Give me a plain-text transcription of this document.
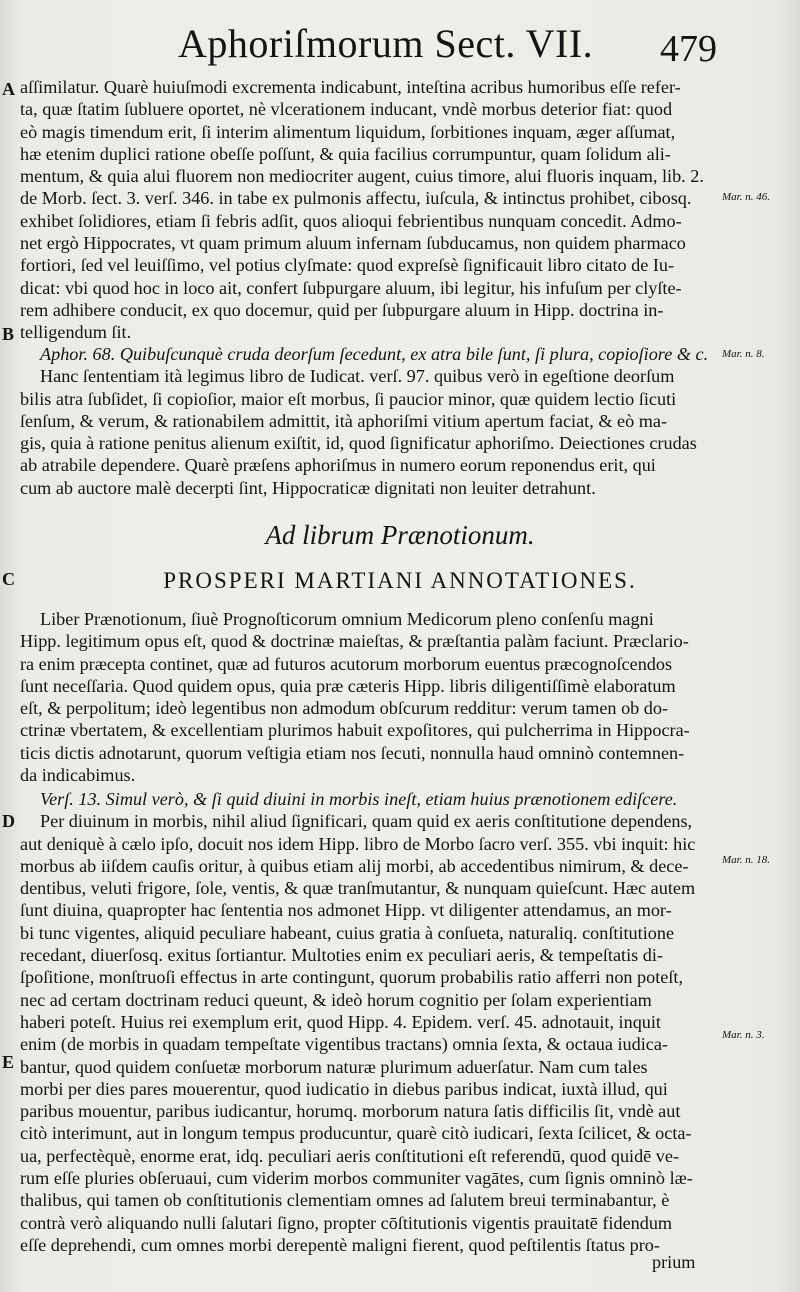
Aphoriſmorum Sect. VII. 479
aſſimilatur. Quarè huiuſmodi excrementa indicabunt, inteſtina acribus humoribus eſſe refer-
ta, quæ ſtatim ſubluere oportet, nè vlcerationem inducant, vndè morbus deterior fiat: quod
eò magis timendum erit, ſi interim alimentum liquidum, ſorbitiones inquam, æger aſſumat,
hæ etenim duplici ratione obeſſe poſſunt, & quia facilius corrumpuntur, quam ſolidum ali-
mentum, & quia alui fluorem non mediocriter augent, cuius timore, alui fluoris inquam, lib. 2.
de Morb. ſect. 3. verſ. 346. in tabe ex pulmonis affectu, iuſcula, & intinctus prohibet, cibosq.
exhibet ſolidiores, etiam ſi febris adſit, quos alioqui febrientibus nunquam concedit. Admo-
net ergò Hippocrates, vt quam primum aluum infernam ſubducamus, non quidem pharmaco
fortiori, ſed vel leuiſſimo, vel potius clyſmate: quod expreſsè ſignificauit libro citato de Iu-
dicat: vbi quod hoc in loco ait, confert ſubpurgare aluum, ibi legitur, his infuſum per clyſte-
rem adhibere conducit, ex quo docemur, quid per ſubpurgare aluum in Hipp. doctrina in-
telligendum ſit.
Aphor. 68. Quibuſcunquè cruda deorſum ſecedunt, ex atra bile ſunt, ſi plura, copioſiore & c.
Hanc ſententiam ità legimus libro de Iudicat. verſ. 97. quibus verò in egeſtione deorſum
bilis atra ſubſidet, ſi copioſior, maior eſt morbus, ſi paucior minor, quæ quidem lectio ſicuti
ſenſum, & verum, & rationabilem admittit, ità aphoriſmi vitium apertum faciat, & eò ma-
gis, quia à ratione penitus alienum exiſtit, id, quod ſignificatur aphoriſmo. Deiectiones crudas
ab atrabile dependere. Quarè præſens aphoriſmus in numero eorum reponendus erit, qui
cum ab auctore malè decerpti ſint, Hippocraticæ dignitati non leuiter detrahunt.
Ad librum Prænotionum.
PROSPERI MARTIANI ANNOTATIONES.
Liber Prænotionum, ſiuè Prognoſticorum omnium Medicorum pleno conſenſu magni
Hipp. legitimum opus eſt, quod & doctrinæ maieſtas, & præſtantia palàm faciunt. Præclario-
ra enim præcepta continet, quæ ad futuros acutorum morborum euentus præcognoſcendos
ſunt neceſſaria. Quod quidem opus, quia præ cæteris Hipp. libris diligentiſſimè elaboratum
eſt, & perpolitum; ideò legentibus non admodum obſcurum redditur: verum tamen ob do-
ctrinæ vbertatem, & excellentiam plurimos habuit expoſitores, qui pulcherrima in Hippocra-
ticis dictis adnotarunt, quorum veſtigia etiam nos ſecuti, nonnulla haud omninò contemnen-
da indicabimus.
Verſ. 13. Simul verò, & ſi quid diuini in morbis ineſt, etiam huius prænotionem ediſcere.
Per diuinum in morbis, nihil aliud ſignificari, quam quid ex aeris conſtitutione dependens,
aut deniquè à cælo ipſo, docuit nos idem Hipp. libro de Morbo ſacro verſ. 355. vbi inquit: hic
morbus ab iiſdem cauſis oritur, à quibus etiam alij morbi, ab accedentibus nimirum, & dece-
dentibus, veluti frigore, ſole, ventis, & quæ tranſmutantur, & nunquam quieſcunt. Hæc autem
ſunt diuina, quapropter hac ſententia nos admonet Hipp. vt diligenter attendamus, an mor-
bi tunc vigentes, aliquid peculiare habeant, cuius gratia à conſueta, naturaliq. conſtitutione
recedant, diuerſosq. exitus ſortiantur. Multoties enim ex peculiari aeris, & tempeſtatis di-
ſpoſitione, monſtruoſi effectus in arte contingunt, quorum probabilis ratio afferri non poteſt,
nec ad certam doctrinam reduci queunt, & ideò horum cognitio per ſolam experientiam
haberi poteſt. Huius rei exemplum erit, quod Hipp. 4. Epidem. verſ. 45. adnotauit, inquit
enim (de morbis in quadam tempeſtate vigentibus tractans) omnia ſexta, & octaua iudica-
bantur, quod quidem conſuetæ morborum naturæ plurimum aduerſatur. Nam cum tales
morbi per dies pares mouerentur, quod iudicatio in diebus paribus indicat, iuxtà illud, qui
paribus mouentur, paribus iudicantur, horumq. morborum natura ſatis difficilis ſit, vndè aut
citò interimunt, aut in longum tempus producuntur, quarè citò iudicari, ſexta ſcilicet, & octa-
ua, perfectèquè, enorme erat, idq. peculiari aeris conſtitutioni eſt referendū, quod quidē ve-
rum eſſe pluries obſeruaui, cum viderim morbos communiter vagātes, cum ſignis omninò læ-
thalibus, qui tamen ob conſtitutionis clementiam omnes ad ſalutem breui terminabantur, è
contrà verò aliquando nulli ſalutari ſigno, propter cōſtitutionis vigentis prauitatē fidendum
eſſe deprehendi, cum omnes morbi derepentè maligni fierent, quod peſtilentis ſtatus pro-
prium
A
B
C
D
E
Mar. n. 46.
Mar. n. 8.
Mar. n. 18.
Mar. n. 3.
